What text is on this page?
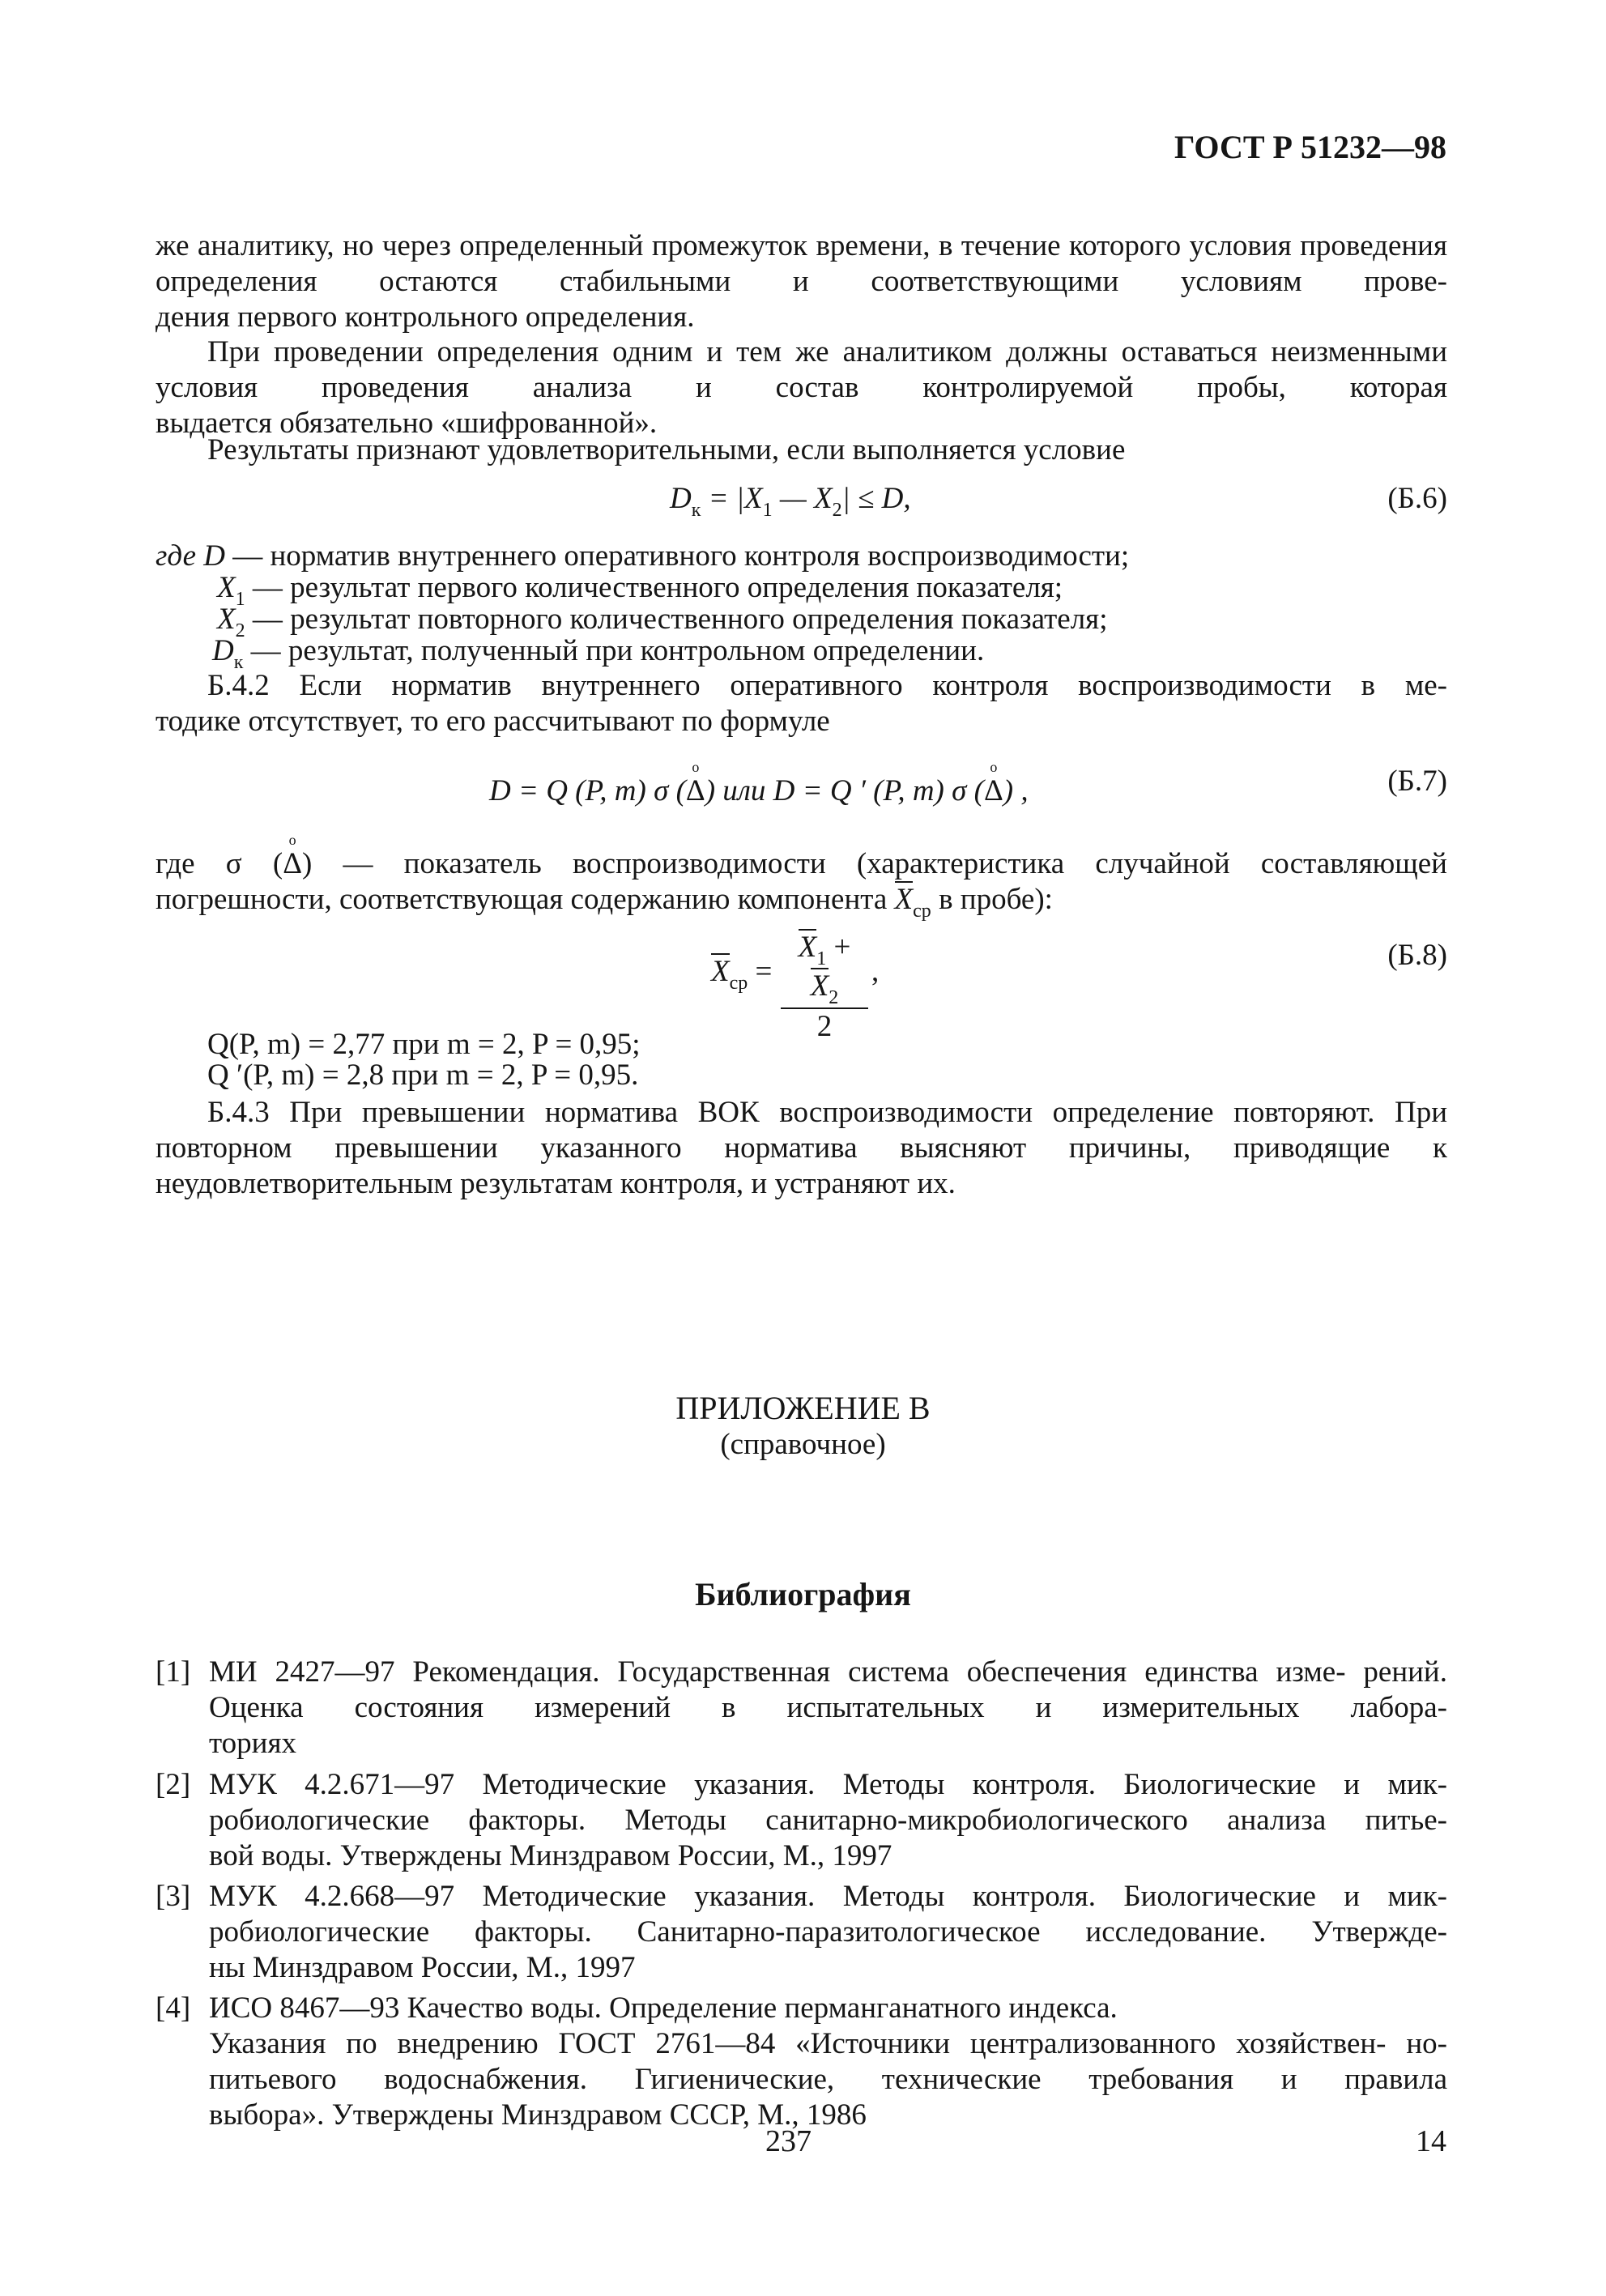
ГОСТ Р 51232—98
же аналитику, но через определенный промежуток времени, в течение которого условия проведения определения остаются стабильными и соответствующими условиям прове-
дения первого контрольного определения.
При проведении определения одним и тем же аналитиком должны оставаться неизменными условия проведения анализа и состав контролируемой пробы, которая
выдается обязательно «шифрованной».
Результаты признают удовлетворительными, если выполняется условие
$D_к = |X_1$ — $X_2| \le D$,	(Б.6)
где D — норматив внутреннего оперативного контроля воспроизводимости;
$X_1$ — результат первого количественного определения показателя;
$X_2$ — результат повторного количественного определения показателя;
$D_к$ — результат, полученный при контрольном определении.
Б.4.2 Если норматив внутреннего оперативного контроля воспроизводимости в ме-
тодике отсутствует, то его рассчитывают по формуле
D = Q (P, m) σ (o Δ) или D = Q ′ (P, m) σ (o Δ) ,	(Б.7)
где σ (o Δ) — показатель воспроизводимости (характеристика случайной составляющей
погрешности, соответствующая содержанию компонента $X_{ср}$ в пробе):
$X_{ср} = \frac{X_1 + X_2}{2}$ ,	(Б.8)
Q(P, m) = 2,77 при m = 2, P = 0,95;
Q ′(P, m) = 2,8 при m = 2, P = 0,95.
Б.4.3 При превышении норматива ВОК воспроизводимости определение повторяют. При повторном превышении указанного норматива выясняют причины, приводящие к
неудовлетворительным результатам контроля, и устраняют их.
ПРИЛОЖЕНИЕ В
(справочное)
Библиография
[1] МИ 2427—97 Рекомендация. Государственная система обеспечения единства изме- рений. Оценка состояния измерений в испытательных и измерительных лабора-
ториях
[2] МУК 4.2.671—97 Методические указания. Методы контроля. Биологические и мик- робиологические факторы. Методы санитарно-микробиологического анализа питье-
вой воды. Утверждены Минздравом России, М., 1997
[3] МУК 4.2.668—97 Методические указания. Методы контроля. Биологические и мик- робиологические факторы. Санитарно-паразитологическое исследование. Утвержде-
ны Минздравом России, М., 1997
[4] ИСО 8467—93 Качество воды. Определение перманганатного индекса.
Указания по внедрению ГОСТ 2761—84 «Источники централизованного хозяйствен- но-питьевого водоснабжения. Гигиенические, технические требования и правила
выбора». Утверждены Минздравом СССР, М., 1986
237	14
